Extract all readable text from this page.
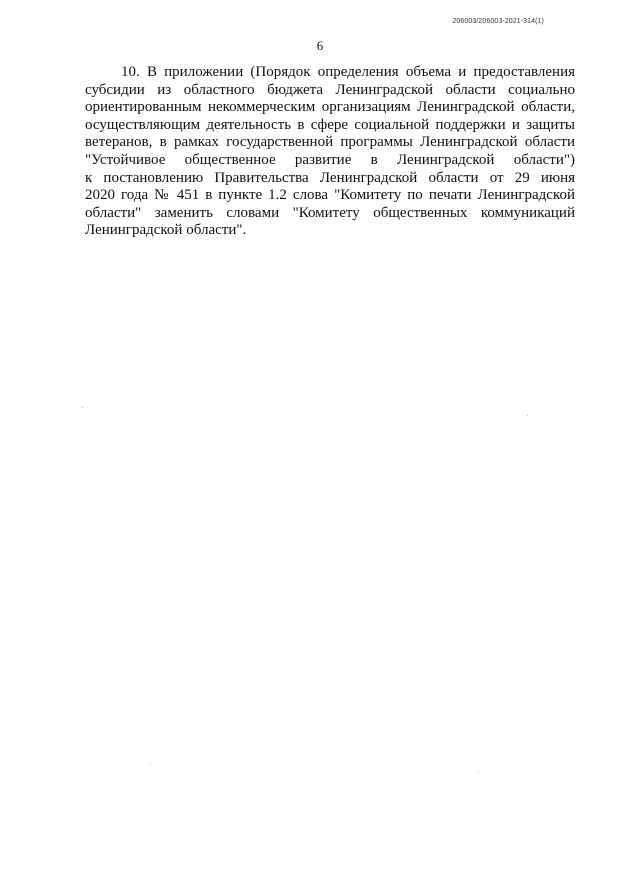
206003/206003-2021-314(1)
6
10. В приложении (Порядок определения объема и предоставления
субсидии из областного бюджета Ленинградской области социально
ориентированным некоммерческим организациям Ленинградской области,
осуществляющим деятельность в сфере социальной поддержки и защиты
ветеранов, в рамках государственной программы Ленинградской области
"Устойчивое общественное развитие в Ленинградской области")
к постановлению Правительства Ленинградской области от 29 июня
2020 года № 451 в пункте 1.2 слова "Комитету по печати Ленинградской
области" заменить словами "Комитету общественных коммуникаций
Ленинградской области".
